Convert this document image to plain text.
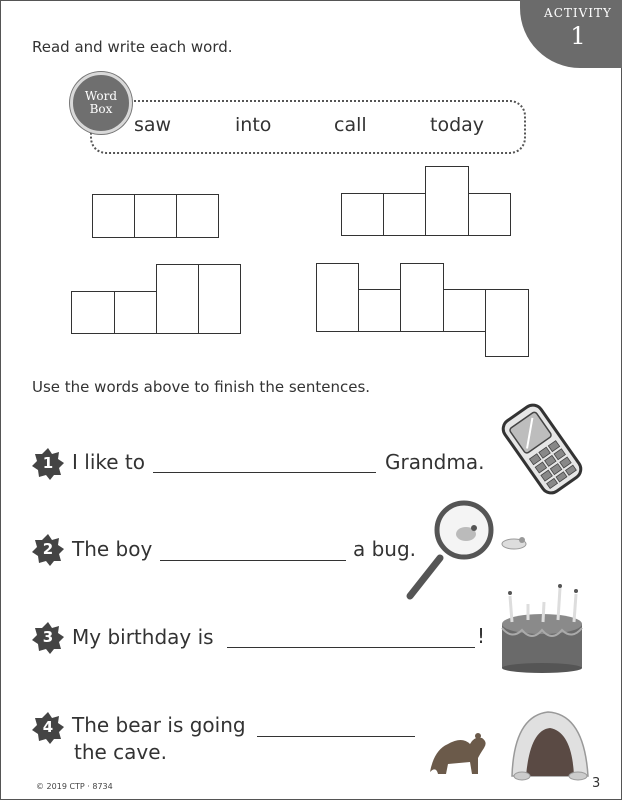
ACTIVITY
1
Read and write each word.
Word
Box
saw	into	call	today
Use the words above to finish the sentences.
1 I like to	Grandma.
2 The boy	a bug.
3 My birthday is	!
4 The bear is going
the cave.
© 2019 CTP · 8734	3
